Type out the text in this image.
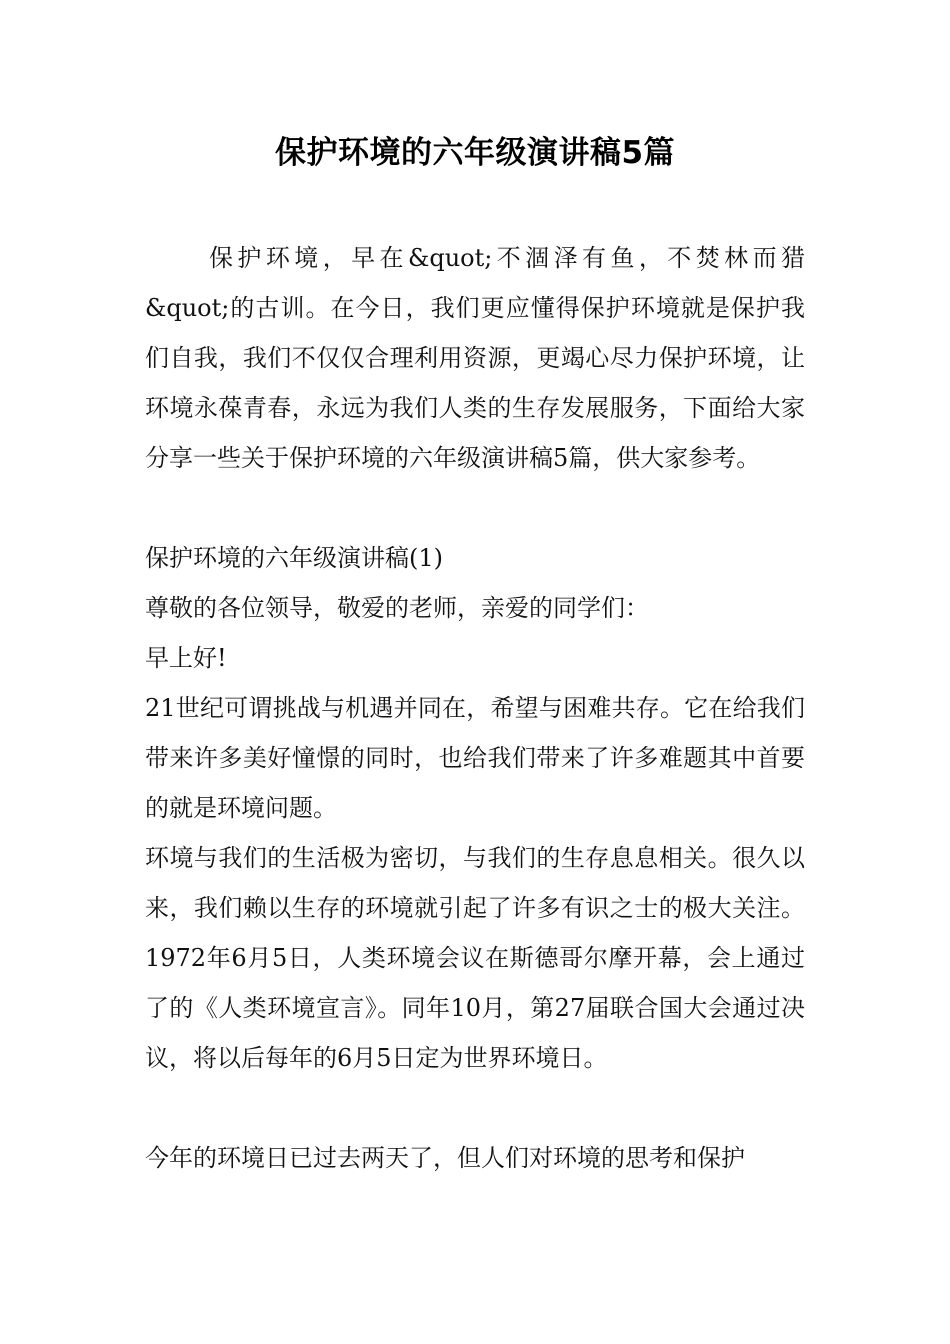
保护环境的六年级演讲稿5篇

保护环境，早在&quot;不涸泽有鱼，不焚林而猎&quot;的古训。在今日，我们更应懂得保护环境就是保护我们自我，我们不仅仅合理利用资源，更竭心尽力保护环境，让环境永葆青春，永远为我们人类的生存发展服务，下面给大家分享一些关于保护环境的六年级演讲稿5篇，供大家参考。

保护环境的六年级演讲稿(1)

尊敬的各位领导，敬爱的老师，亲爱的同学们：

早上好!

21世纪可谓挑战与机遇并同在，希望与困难共存。它在给我们带来许多美好憧憬的同时，也给我们带来了许多难题其中首要的就是环境问题。

环境与我们的生活极为密切，与我们的生存息息相关。很久以来，我们赖以生存的环境就引起了许多有识之士的极大关注。1972年6月5日，人类环境会议在斯德哥尔摩开幕，会上通过了的《人类环境宣言》。同年10月，第27届联合国大会通过决议，将以后每年的6月5日定为世界环境日。

今年的环境日已过去两天了，但人们对环境的思考和保护
